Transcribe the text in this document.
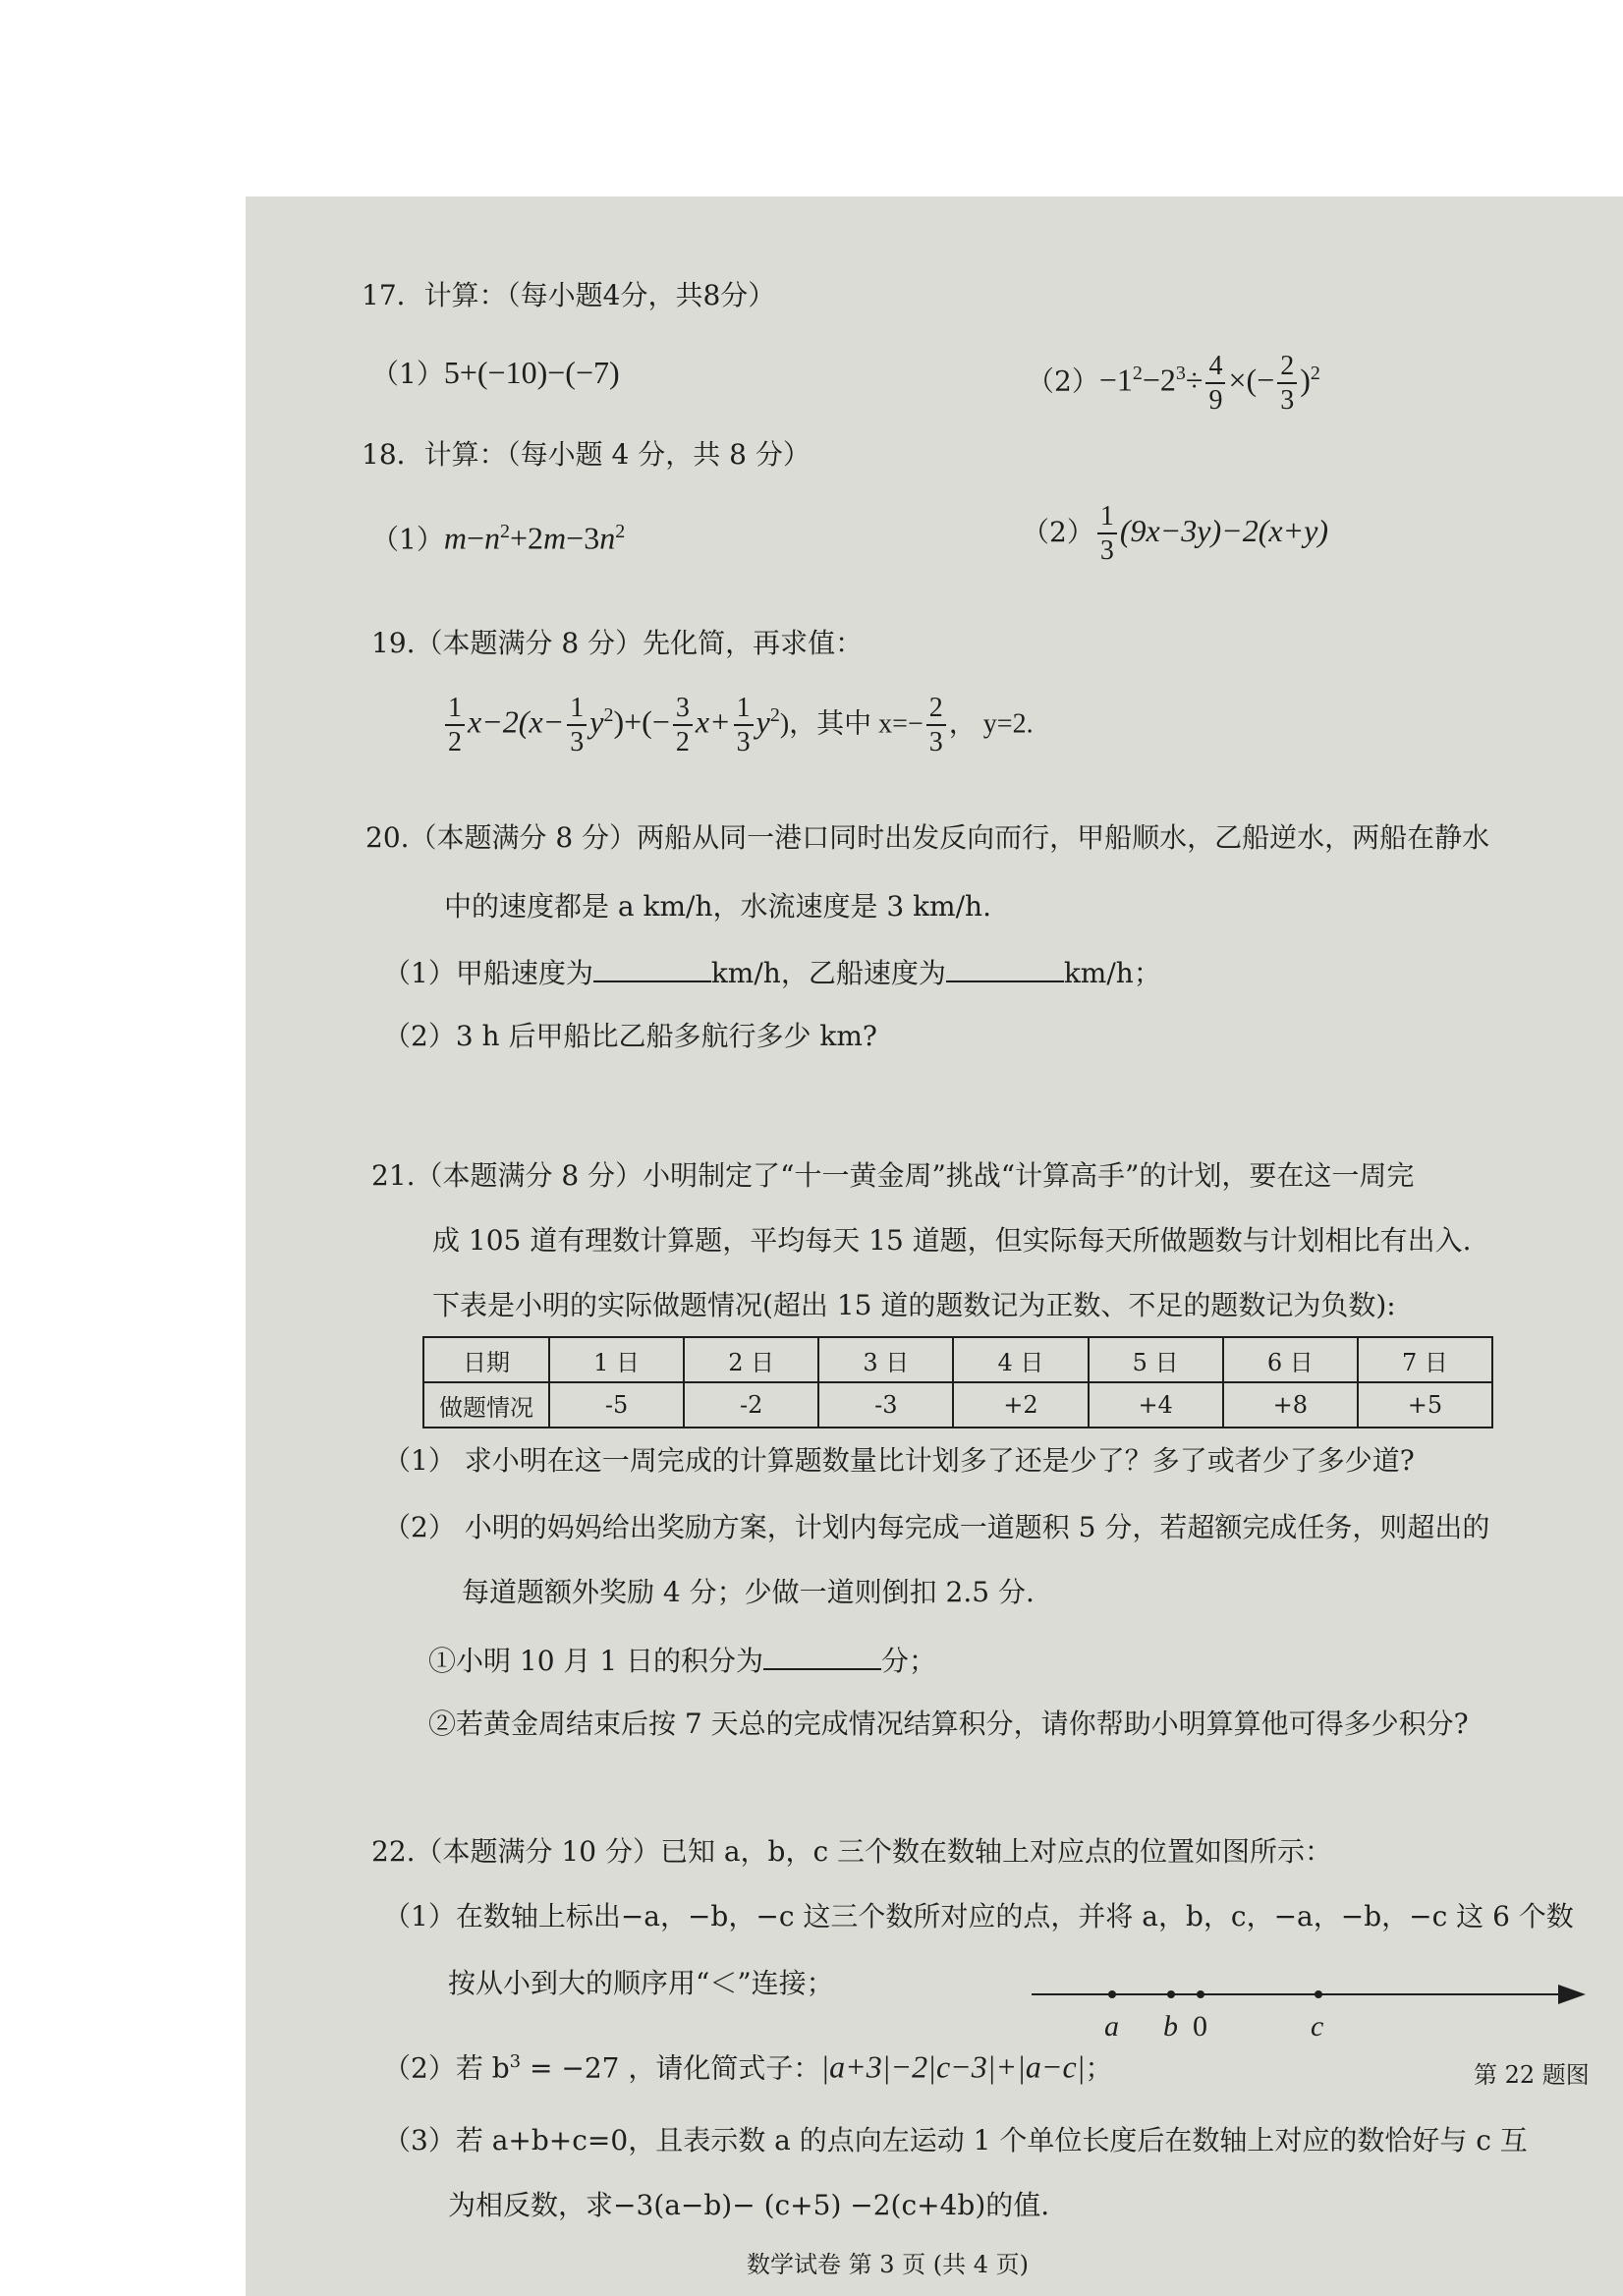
17．计算：（每小题4分，共8分）
（1）5+(−10)−(−7)	$(2)-1^2-2^3\div \frac{4}{9}$ ×(− $\frac{2}{3} )^2$
18．计算：（每小题 4 分，共 8 分）
$(1)m-n^2+2m-3n^2$	$(2) \frac{1}{3} (9x-3y)-2(x+y)$
19.（本题满分 8 分）先化简，再求值：
$\frac{1}{2} x-2(x- \frac{1}{3} y^2)+(- \frac{3}{2} x+ \frac{1}{3} y^2)$，其中 $x=- \frac{2}{3}$ ， y=2.
20.（本题满分 8 分）两船从同一港口同时出发反向而行，甲船顺水，乙船逆水，两船在静水
中的速度都是 a km/h，水流速度是 3 km/h.
（1）甲船速度为	km/h，乙船速度为	km/h；
（2）3 h 后甲船比乙船多航行多少 km?
21.（本题满分 8 分）小明制定了“十一黄金周”挑战“计算高手”的计划，要在这一周完
成 105 道有理数计算题，平均每天 15 道题，但实际每天所做题数与计划相比有出入.
下表是小明的实际做题情况(超出 15 道的题数记为正数、不足的题数记为负数):
日期	1 日	2 日	3 日	4 日	5 日	6 日	7 日
做题情况	-5	-2	-3	+2	+4	+8	+5
（1） 求小明在这一周完成的计算题数量比计划多了还是少了？多了或者少了多少道?
（2） 小明的妈妈给出奖励方案，计划内每完成一道题积 5 分，若超额完成任务，则超出的
每道题额外奖励 4 分；少做一道则倒扣 2.5 分.
①小明 10 月 1 日的积分为	分；
②若黄金周结束后按 7 天总的完成情况结算积分，请你帮助小明算算他可得多少积分?
22.（本题满分 10 分）已知 a，b，c 三个数在数轴上对应点的位置如图所示：
（1）在数轴上标出−a，−b，−c 这三个数所对应的点，并将 a，b，c，−a，−b，−c 这 6 个数
按从小到大的顺序用“＜”连接；
a b 0	c
第 22 题图
（2）若 $b^3 = -27$ ，请化简式子：|a+3|−2|c−3|+|a−c|；
（3）若 a+b+c=0，且表示数 a 的点向左运动 1 个单位长度后在数轴上对应的数恰好与 c 互
为相反数，求−3(a−b)− (c+5) −2(c+4b)的值.
数学试卷 第 3 页 (共 4 页)
